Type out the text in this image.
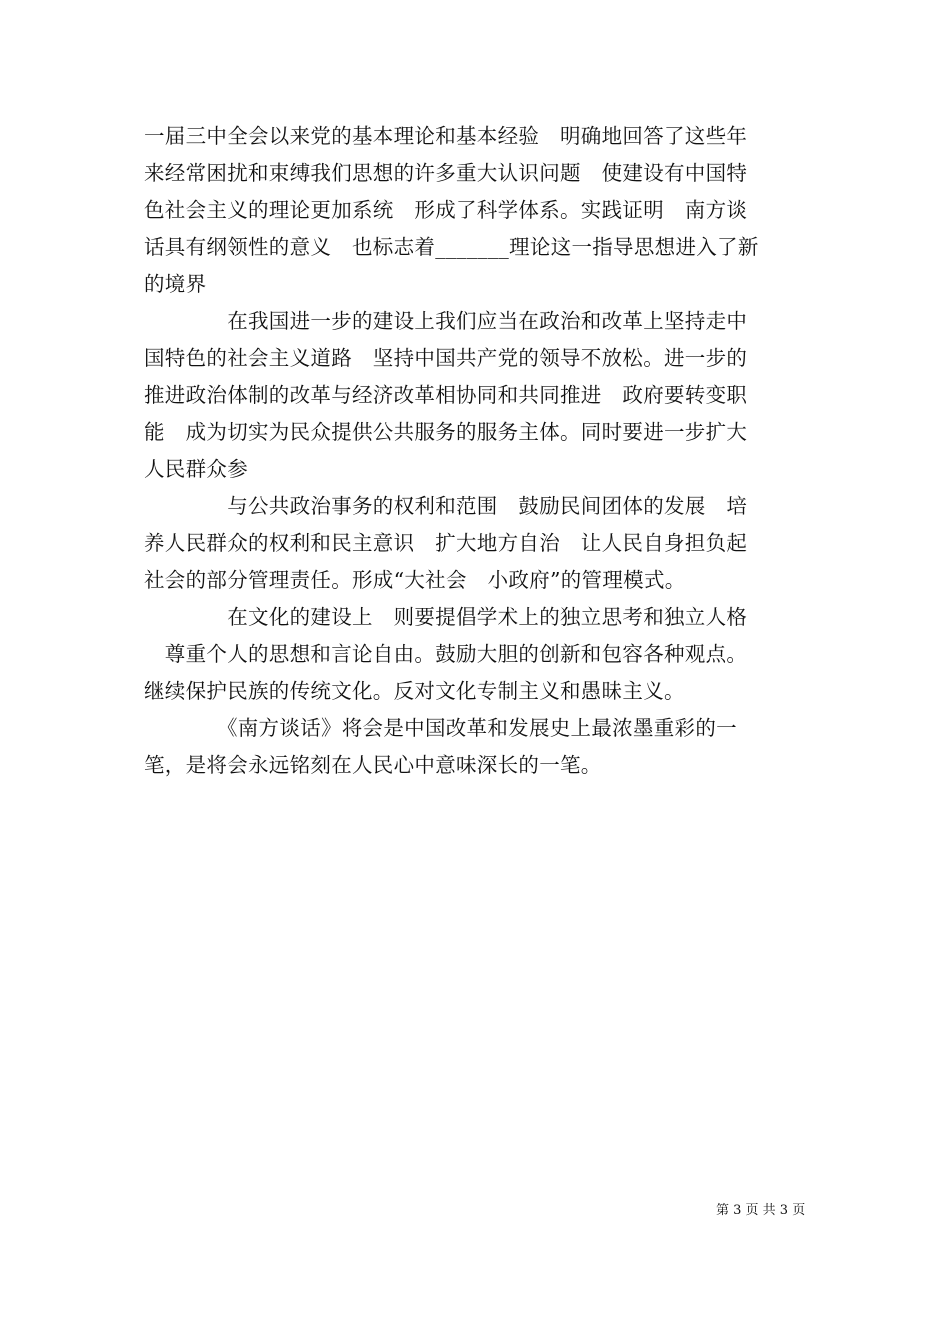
一届三中全会以来党的基本理论和基本经验　明确地回答了这些年
来经常困扰和束缚我们思想的许多重大认识问题　使建设有中国特
色社会主义的理论更加系统　形成了科学体系。实践证明　南方谈
话具有纲领性的意义　也标志着_______理论这一指导思想进入了新
的境界
　　　　在我国进一步的建设上我们应当在政治和改革上坚持走中
国特色的社会主义道路　坚持中国共产党的领导不放松。进一步的
推进政治体制的改革与经济改革相协同和共同推进　政府要转变职
能　成为切实为民众提供公共服务的服务主体。同时要进一步扩大
人民群众参
　　　　与公共政治事务的权利和范围　鼓励民间团体的发展　培
养人民群众的权利和民主意识　扩大地方自治　让人民自身担负起
社会的部分管理责任。形成“大社会　小政府”的管理模式。
　　　　在文化的建设上　则要提倡学术上的独立思考和独立人格
　尊重个人的思想和言论自由。鼓励大胆的创新和包容各种观点。
继续保护民族的传统文化。反对文化专制主义和愚昧主义。
　　　　《南方谈话》将会是中国改革和发展史上最浓墨重彩的一
笔，是将会永远铭刻在人民心中意味深长的一笔。
第 3 页 共 3 页
